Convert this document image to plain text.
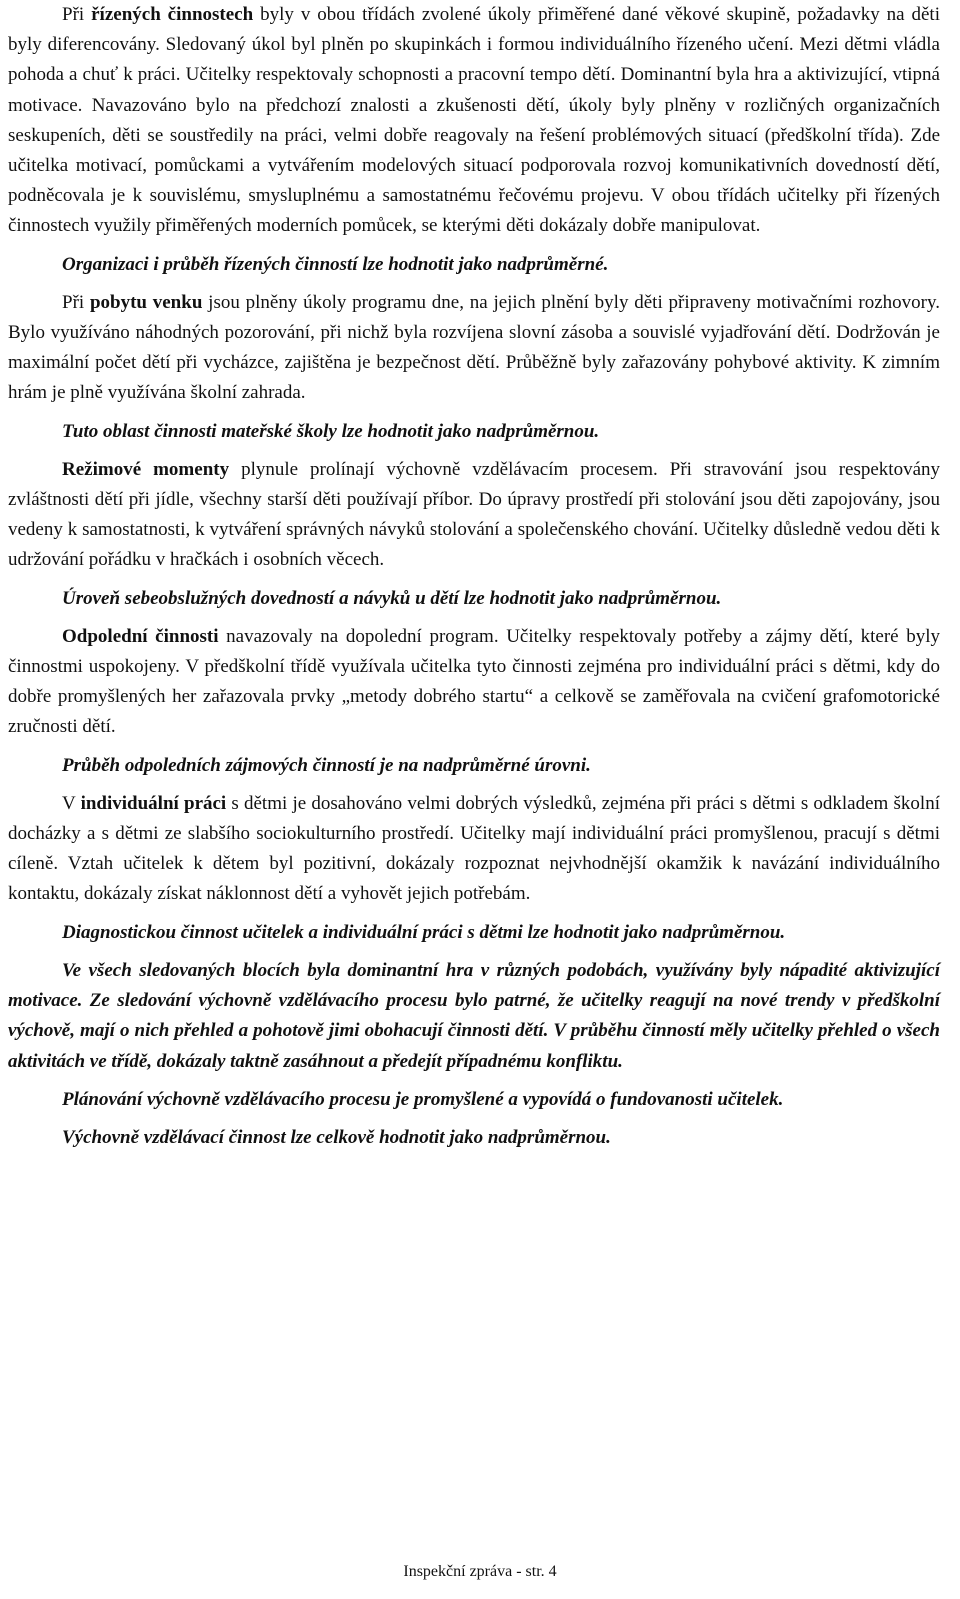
Při řízených činnostech byly v obou třídách zvolené úkoly přiměřené dané věkové skupině, požadavky na děti byly diferencovány. Sledovaný úkol byl plněn po skupinkách i formou individuálního řízeného učení. Mezi dětmi vládla pohoda a chuť k práci. Učitelky respektovaly schopnosti a pracovní tempo dětí. Dominantní byla hra a aktivizující, vtipná motivace. Navazováno bylo na předchozí znalosti a zkušenosti dětí, úkoly byly plněny v rozličných organizačních seskupeních, děti se soustředily na práci, velmi dobře reagovaly na řešení problémových situací (předškolní třída). Zde učitelka motivací, pomůckami a vytvářením modelových situací podporovala rozvoj komunikativních dovedností dětí, podněcovala je k souvislému, smysluplnému a samostatnému řečovému projevu. V obou třídách učitelky při řízených činnostech využily přiměřených moderních pomůcek, se kterými děti dokázaly dobře manipulovat.

Organizaci i průběh řízených činností lze hodnotit jako nadprůměrné.

Při pobytu venku jsou plněny úkoly programu dne, na jejich plnění byly děti připraveny motivačními rozhovory. Bylo využíváno náhodných pozorování, při nichž byla rozvíjena slovní zásoba a souvislé vyjadřování dětí. Dodržován je maximální počet dětí při vycházce, zajištěna je bezpečnost dětí. Průběžně byly zařazovány pohybové aktivity. K zimním hrám je plně využívána školní zahrada.

Tuto oblast činnosti mateřské školy lze hodnotit jako nadprůměrnou.

Režimové momenty plynule prolínají výchovně vzdělávacím procesem. Při stravování jsou respektovány zvláštnosti dětí při jídle, všechny starší děti používají příbor. Do úpravy prostředí při stolování jsou děti zapojovány, jsou vedeny k samostatnosti, k vytváření správných návyků stolování a společenského chování. Učitelky důsledně vedou děti k udržování pořádku v hračkách i osobních věcech.

Úroveň sebeobslužných dovedností a návyků u dětí lze hodnotit jako nadprůměrnou.

Odpolední činnosti navazovaly na dopolední program. Učitelky respektovaly potřeby a zájmy dětí, které byly činnostmi uspokojeny. V předškolní třídě využívala učitelka tyto činnosti zejména pro individuální práci s dětmi, kdy do dobře promyšlených her zařazovala prvky „metody dobrého startu“ a celkově se zaměřovala na cvičení grafomotorické zručnosti dětí.

Průběh odpoledních zájmových činností je na nadprůměrné úrovni.

V individuální práci s dětmi je dosahováno velmi dobrých výsledků, zejména při práci s dětmi s odkladem školní docházky a s dětmi ze slabšího sociokulturního prostředí. Učitelky mají individuální práci promyšlenou, pracují s dětmi cíleně. Vztah učitelek k dětem byl pozitivní, dokázaly rozpoznat nejvhodnější okamžik k navázání individuálního kontaktu, dokázaly získat náklonnost dětí a vyhovět jejich potřebám.

Diagnostickou činnost učitelek a individuální práci s dětmi lze hodnotit jako nadprůměrnou.

Ve všech sledovaných blocích byla dominantní hra v různých podobách, využívány byly nápadité aktivizující motivace. Ze sledování výchovně vzdělávacího procesu bylo patrné, že učitelky reagují na nové trendy v předškolní výchově, mají o nich přehled a pohotově jimi obohacují činnosti dětí. V průběhu činností měly učitelky přehled o všech aktivitách ve třídě, dokázaly taktně zasáhnout a předejít případnému konfliktu.

Plánování výchovně vzdělávacího procesu je promyšlené a vypovídá o fundovanosti učitelek.

Výchovně vzdělávací činnost lze celkově hodnotit jako nadprůměrnou.

Inspekční zpráva - str. 4
